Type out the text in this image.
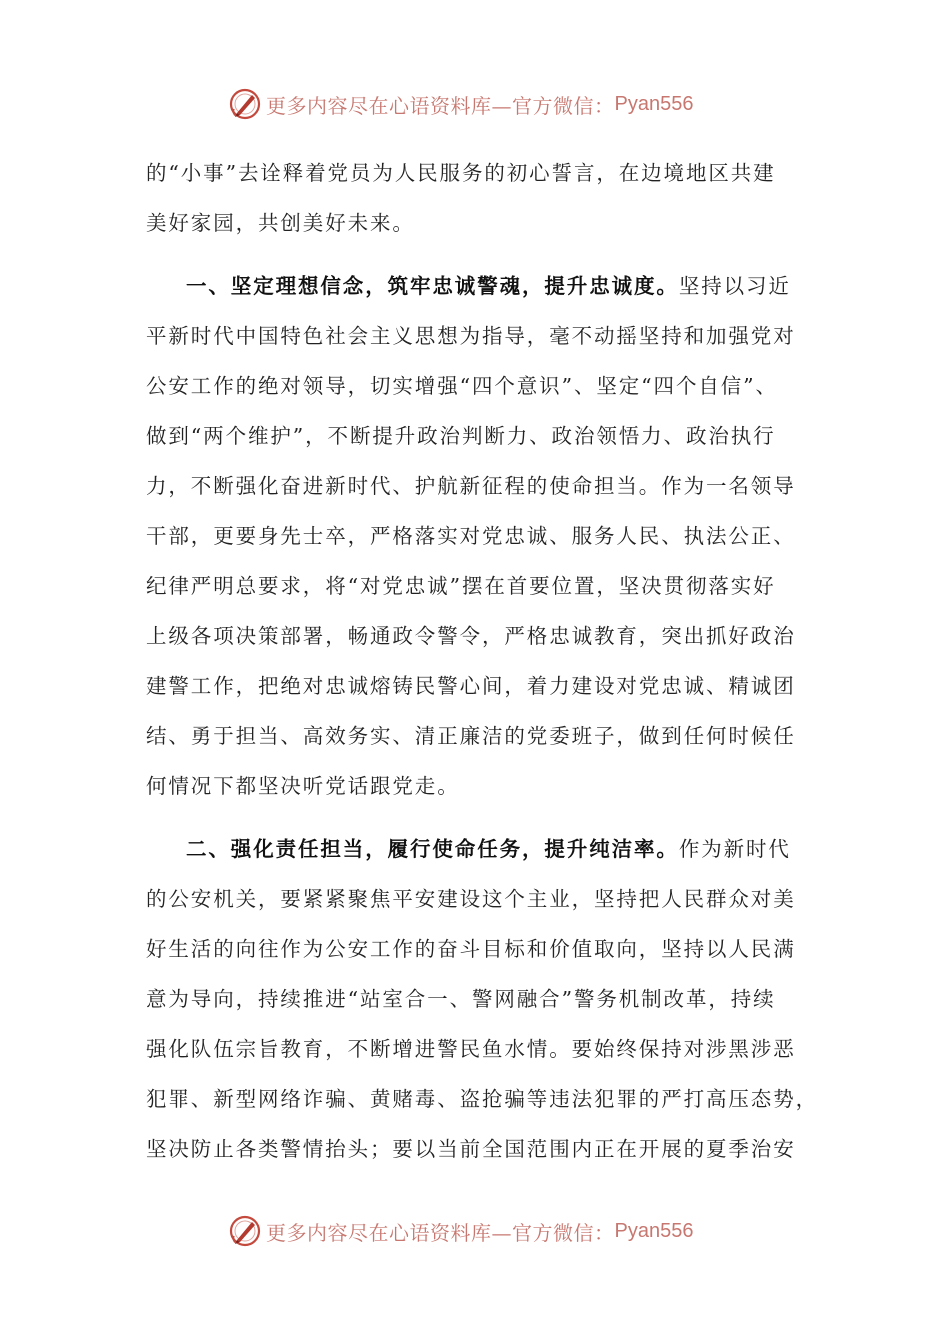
更多内容尽在心语资料库—官方微信： Pyan556
的“小事”去诠释着党员为人民服务的初心誓言，在边境地区共建
美好家园，共创美好未来。
一、坚定理想信念，筑牢忠诚警魂，提升忠诚度。坚持以习近
平新时代中国特色社会主义思想为指导，毫不动摇坚持和加强党对
公安工作的绝对领导，切实增强“四个意识”、坚定“四个自信”、
做到“两个维护”，不断提升政治判断力、政治领悟力、政治执行
力，不断强化奋进新时代、护航新征程的使命担当。作为一名领导
干部，更要身先士卒，严格落实对党忠诚、服务人民、执法公正、
纪律严明总要求，将“对党忠诚”摆在首要位置，坚决贯彻落实好
上级各项决策部署，畅通政令警令，严格忠诚教育，突出抓好政治
建警工作，把绝对忠诚熔铸民警心间，着力建设对党忠诚、精诚团
结、勇于担当、高效务实、清正廉洁的党委班子，做到任何时候任
何情况下都坚决听党话跟党走。
二、强化责任担当，履行使命任务，提升纯洁率。作为新时代
的公安机关，要紧紧聚焦平安建设这个主业，坚持把人民群众对美
好生活的向往作为公安工作的奋斗目标和价值取向，坚持以人民满
意为导向，持续推进“站室合一、警网融合”警务机制改革，持续
强化队伍宗旨教育，不断增进警民鱼水情。要始终保持对涉黑涉恶
犯罪、新型网络诈骗、黄赌毒、盗抢骗等违法犯罪的严打高压态势，
坚决防止各类警情抬头；要以当前全国范围内正在开展的夏季治安
更多内容尽在心语资料库—官方微信： Pyan556
